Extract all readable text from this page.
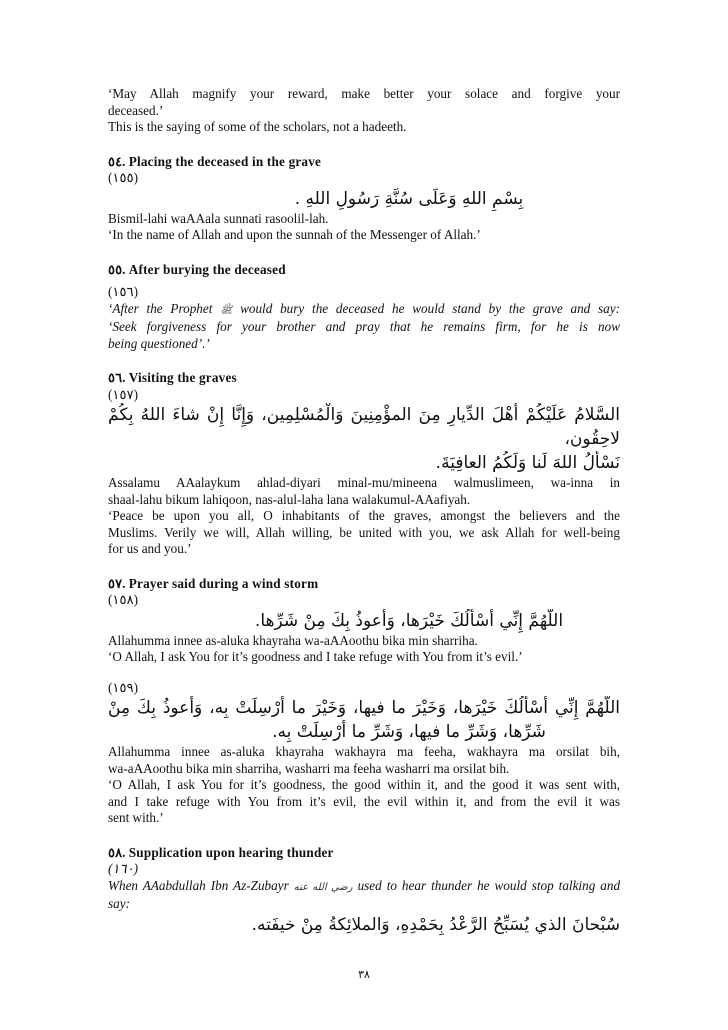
‘May Allah magnify your reward, make better your solace and forgive your
deceased.’
This is the saying of some of the scholars, not a hadeeth.
٥٤. Placing the deceased in the grave
(١٥٥)
بِسْمِ اللهِ وَعَلَى سُنَّةِ رَسُولِ اللهِ .
Bismil-lahi waAAala sunnati rasoolil-lah.
‘In the name of Allah and upon the sunnah of the Messenger of Allah.’
٥٥. After burying the deceased
(١٥٦)
‘After the Prophet ﷺ would bury the deceased he would stand by the grave and say:
‘Seek forgiveness for your brother and pray that he remains firm, for he is now
being questioned’.’
٥٦. Visiting the graves
(١٥٧)
السَّلامُ عَلَيْكُمْ أَهْلَ الدِّيارِ مِنَ المؤْمِنِينَ وَالْمُسْلِمِين، وَإِنَّا إِنْ شاءَ اللهُ بِكُمْ لاحِقُون،
نَسْأَلُ اللهَ لَنا وَلَكُمُ العافِيَةَ.
Assalamu AAalaykum ahlad-diyari minal-mu/mineena walmuslimeen, wa-inna in
shaal-lahu bikum lahiqoon, nas-alul-laha lana walakumul-AAafiyah.
‘Peace be upon you all, O inhabitants of the graves, amongst the believers and the
Muslims. Verily we will, Allah willing, be united with you, we ask Allah for well-being
for us and you.’
٥٧. Prayer said during a wind storm
(١٥٨)
اللَّهُمَّ إِنِّي أَسْأَلُكَ خَيْرَها، وَأَعوذُ بِكَ مِنْ شَرِّها.
Allahumma innee as-aluka khayraha wa-aAAoothu bika min sharriha.
‘O Allah, I ask You for it’s goodness and I take refuge with You from it’s evil.’
(١٥٩)
اللَّهُمَّ إِنِّي أَسْأَلُكَ خَيْرَها، وَخَيْرَ ما فيها، وَخَيْرَ ما أُرْسِلَتْ بِه، وَأَعوذُ بِكَ مِنْ
شَرِّها، وَشَرِّ ما فيها، وَشَرِّ ما أُرْسِلَتْ بِه.
Allahumma innee as-aluka khayraha wakhayra ma feeha, wakhayra ma orsilat bih,
wa-aAAoothu bika min sharriha, washarri ma feeha washarri ma orsilat bih.
‘O Allah, I ask You for it’s goodness, the good within it, and the good it was sent with,
and I take refuge with You from it’s evil, the evil within it, and from the evil it was
sent with.’
٥٨. Supplication upon hearing thunder
(١٦٠)
When AAabdullah Ibn Az-Zubayr رضي الله عنه used to hear thunder he would stop talking and
say:
سُبْحانَ الذي يُسَبِّحُ الرَّعْدُ بِحَمْدِهِ، وَالملائِكةُ مِنْ خيفَته.
٣٨
